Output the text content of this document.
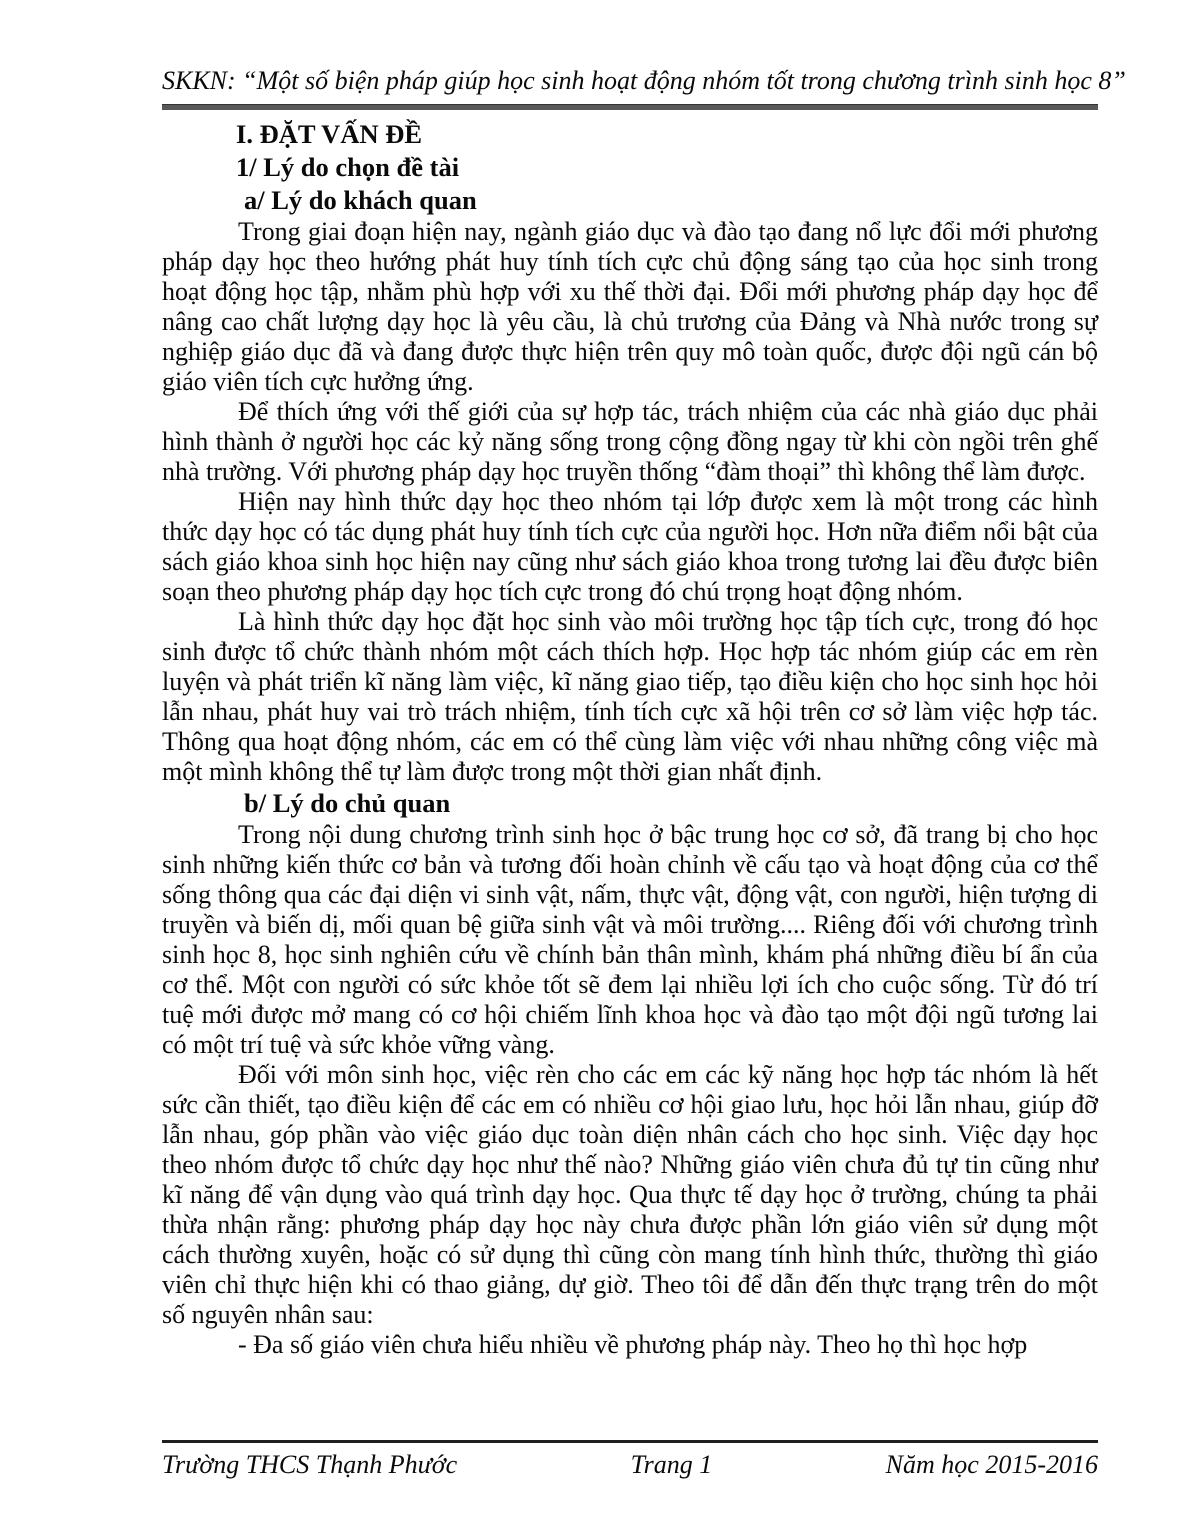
SKKN: “Một số biện pháp giúp học sinh hoạt động nhóm tốt trong chương trình sinh học 8”
I. ĐẶT VẤN ĐỀ
1/ Lý do chọn đề tài
a/ Lý do khách quan

Trong giai đoạn hiện nay, ngành giáo dục và đào tạo đang nổ lực đổi mới phương pháp dạy học theo hướng phát huy tính tích cực chủ động sáng tạo của học sinh trong hoạt động học tập, nhằm phù hợp với xu thế thời đại. Đổi mới phương pháp dạy học để nâng cao chất lượng dạy học là yêu cầu, là chủ trương của Đảng và Nhà nước trong sự nghiệp giáo dục đã và đang được thực hiện trên quy mô toàn quốc, được đội ngũ cán bộ giáo viên tích cực hưởng ứng.

Để thích ứng với thế giới của sự hợp tác, trách nhiệm của các nhà giáo dục phải hình thành ở người học các kỷ năng sống trong cộng đồng ngay từ khi còn ngồi trên ghế nhà trường. Với phương pháp dạy học truyền thống “đàm thoại” thì không thể làm được.

Hiện nay hình thức dạy học theo nhóm tại lớp được xem là một trong các hình thức dạy học có tác dụng phát huy tính tích cực của người học. Hơn nữa điểm nổi bật của sách giáo khoa sinh học hiện nay cũng như sách giáo khoa trong tương lai đều được biên soạn theo phương pháp dạy học tích cực trong đó chú trọng hoạt động nhóm.

Là hình thức dạy học đặt học sinh vào môi trường học tập tích cực, trong đó học sinh được tổ chức thành nhóm một cách thích hợp. Học hợp tác nhóm giúp các em rèn luyện và phát triển kĩ năng làm việc, kĩ năng giao tiếp, tạo điều kiện cho học sinh học hỏi lẫn nhau, phát huy vai trò trách nhiệm, tính tích cực xã hội trên cơ sở làm việc hợp tác. Thông qua hoạt động nhóm, các em có thể cùng làm việc với nhau những công việc mà một mình không thể tự làm được trong một thời gian nhất định.

b/ Lý do chủ quan

Trong nội dung chương trình sinh học ở bậc trung học cơ sở, đã trang bị cho học sinh những kiến thức cơ bản và tương đối hoàn chỉnh về cấu tạo và hoạt động của cơ thể sống thông qua các đại diện vi sinh vật, nấm, thực vật, động vật, con người, hiện tượng di truyền và biến dị, mối quan bệ giữa sinh vật và môi trường.... Riêng đối với chương trình sinh học 8, học sinh nghiên cứu về chính bản thân mình, khám phá những điều bí ẩn của cơ thể. Một con người có sức khỏe tốt sẽ đem lại nhiều lợi ích cho cuộc sống. Từ đó trí tuệ mới được mở mang có cơ hội chiếm lĩnh khoa học và đào tạo một đội ngũ tương lai có một trí tuệ và sức khỏe vững vàng.

Đối với môn sinh học, việc rèn cho các em các kỹ năng học hợp tác nhóm là hết sức cần thiết, tạo điều kiện để các em có nhiều cơ hội giao lưu, học hỏi lẫn nhau, giúp đỡ lẫn nhau, góp phần vào việc giáo dục toàn diện nhân cách cho học sinh. Việc dạy học theo nhóm được tổ chức dạy học như thế nào? Những giáo viên chưa đủ tự tin cũng như kĩ năng để vận dụng vào quá trình dạy học. Qua thực tế dạy học ở trường, chúng ta phải thừa nhận rằng: phương pháp dạy học này chưa được phần lớn giáo viên sử dụng một cách thường xuyên, hoặc có sử dụng thì cũng còn mang tính hình thức, thường thì giáo viên chỉ thực hiện khi có thao giảng, dự giờ. Theo tôi để dẫn đến thực trạng trên do một số nguyên nhân sau:

- Đa số giáo viên chưa hiểu nhiều về phương pháp này. Theo họ thì học hợp

Trường THCS Thạnh Phước	Trang 1	Năm học 2015-2016
